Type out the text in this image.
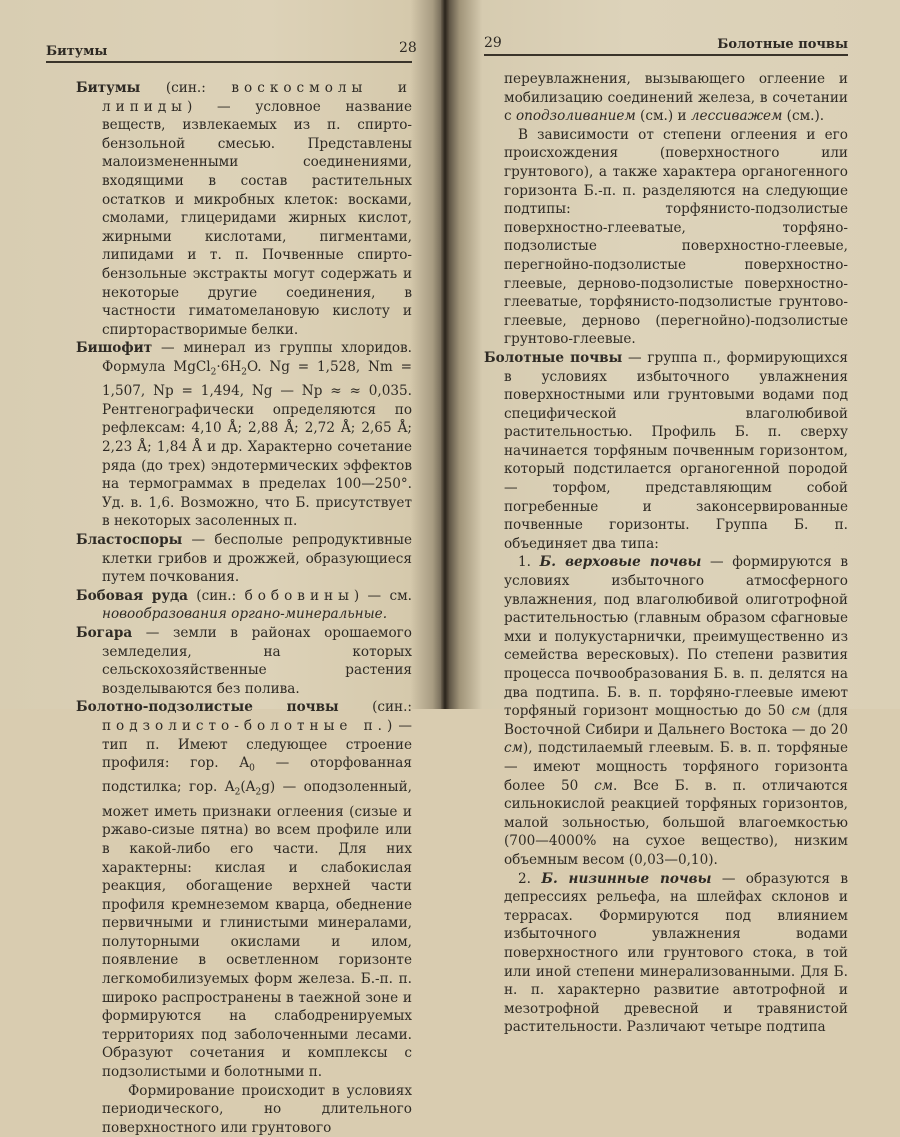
Битумы	28

Битумы (син.: воскосмолы и липиды) — условное название веществ, извлекаемых из п. спирто-бензольной смесью. Представлены малоизмененными соединениями, входящими в состав растительных остатков и микробных клеток: восками, смолами, глицеридами жирных кислот, жирными кислотами, пигментами, липидами и т. п. Почвенные спирто-бензольные экстракты могут содержать и некоторые другие соединения, в частности гиматомелановую кислоту и спирторастворимые белки.

Бишофит — минерал из группы хлоридов. Формула $MgCl_2\cdot 6H_2O$. Ng = 1,528, Nm = 1,507, Np = 1,494, Ng — Np ≈ ≈ 0,035. Рентгенографически определяются по рефлексам: 4,10 Å; 2,88 Å; 2,72 Å; 2,65 Å; 2,23 Å; 1,84 Å и др. Характерно сочетание ряда (до трех) эндотермических эффектов на термограммах в пределах 100—250°. Уд. в. 1,6. Возможно, что Б. присутствует в некоторых засоленных п.

Бластоспоры — бесполые репродуктивные клетки грибов и дрожжей, образующиеся путем почкования.

Бобовая руда (син.: бобовины) — см. новообразования органо-минеральные.

Богара — земли в районах орошаемого земледелия, на которых сельскохозяйственные растения возделываются без полива.

Болотно-подзолистые почвы (син.: подзолисто-болотные п.) — тип п. Имеют следующее строение профиля: гор. $A_0$ — оторфованная подстилка; гор. $A_2(A_2g)$ — оподзоленный, может иметь признаки оглеения (сизые и ржаво-сизые пятна) во всем профиле или в какой-либо его части. Для них характерны: кислая и слабокислая реакция, обогащение верхней части профиля кремнеземом кварца, обеднение первичными и глинистыми минералами, полуторными окислами и илом, появление в осветленном горизонте легкомобилизуемых форм железа. Б.-п. п. широко распространены в таежной зоне и формируются на слабодренируемых территориях под заболоченными лесами. Образуют сочетания и комплексы с подзолистыми и болотными п.

Формирование происходит в условиях периодического, но длительного поверхностного или грунтового

29	Болотные почвы

переувлажнения, вызывающего оглеение и мобилизацию соединений железа, в сочетании с оподзоливанием (см.) и лессиважем (см.).

В зависимости от степени оглеения и его происхождения (поверхностного или грунтового), а также характера органогенного горизонта Б.-п. п. разделяются на следующие подтипы: торфянисто-подзолистые поверхностно-глееватые, торфяно-подзолистые поверхностно-глеевые, перегнойно-подзолистые поверхностно-глеевые, дерново-подзолистые поверхностно-глееватые, торфянисто-подзолистые грунтово-глеевые, дерново (перегнойно)-подзолистые грунтово-глеевые.

Болотные почвы — группа п., формирующихся в условиях избыточного увлажнения поверхностными или грунтовыми водами под специфической влаголюбивой растительностью. Профиль Б. п. сверху начинается торфяным почвенным горизонтом, который подстилается органогенной породой — торфом, представляющим собой погребенные и законсервированные почвенные горизонты. Группа Б. п. объединяет два типа:

1. Б. верховые почвы — формируются в условиях избыточного атмосферного увлажнения, под влаголюбивой олиготрофной растительностью (главным образом сфагновые мхи и полукустарнички, преимущественно из семейства вересковых). По степени развития процесса почвообразования Б. в. п. делятся на два подтипа. Б. в. п. торфяно-глеевые имеют торфяный горизонт мощностью до 50 см (для Восточной Сибири и Дальнего Востока — до 20 см), подстилаемый глеевым. Б. в. п. торфяные — имеют мощность торфяного горизонта более 50 см. Все Б. в. п. отличаются сильнокислой реакцией торфяных горизонтов, малой зольностью, большой влагоемкостью (700—4000% на сухое вещество), низким объемным весом (0,03—0,10).

2. Б. низинные почвы — образуются в депрессиях рельефа, на шлейфах склонов и террасах. Формируются под влиянием избыточного увлажнения водами поверхностного или грунтового стока, в той или иной степени минерализованными. Для Б. н. п. характерно развитие автотрофной и мезотрофной древесной и травянистой растительности. Различают четыре подтипа
